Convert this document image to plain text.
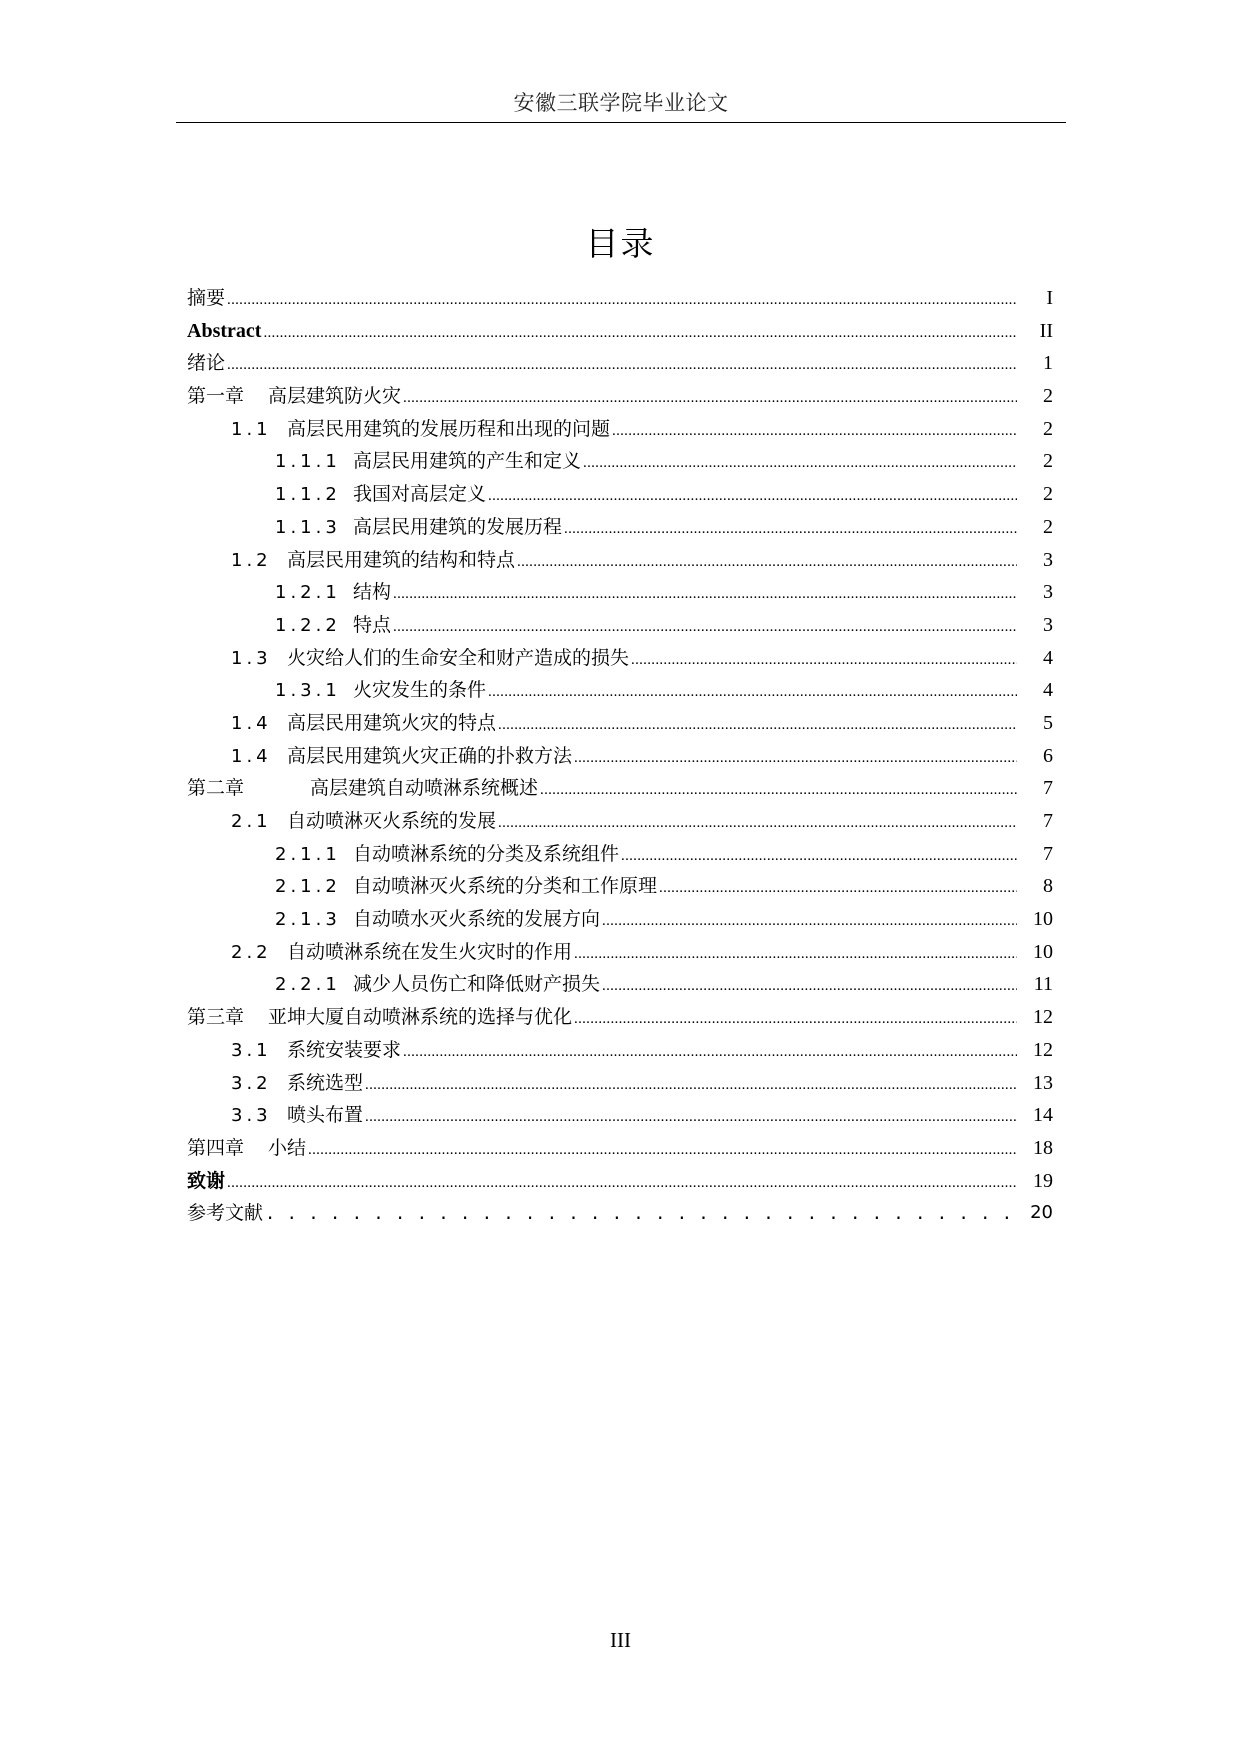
安徽三联学院毕业论文
目录
摘要 .....	I
Abstract .....	II
绪论 .....	1
第一章 高层建筑防火灾 .....	2
1.1 高层民用建筑的发展历程和出现的问题 .....	2
1.1.1 高层民用建筑的产生和定义 .....	2
1.1.2 我国对高层定义 .....	2
1.1.3 高层民用建筑的发展历程 .....	2
1.2 高层民用建筑的结构和特点 .....	3
1.2.1 结构 .....	3
1.2.2 特点 .....	3
1.3 火灾给人们的生命安全和财产造成的损失 .....	4
1.3.1 火灾发生的条件 .....	4
1.4 高层民用建筑火灾的特点 .....	5
1.4 高层民用建筑火灾正确的扑救方法 .....	6
第二章	高层建筑自动喷淋系统概述 .....	7
2.1 自动喷淋灭火系统的发展 .....	7
2.1.1 自动喷淋系统的分类及系统组件 .....	7
2.1.2 自动喷淋灭火系统的分类和工作原理 .....	8
2.1.3 自动喷水灭火系统的发展方向 .....	10
2.2 自动喷淋系统在发生火灾时的作用 .....	10
2.2.1 减少人员伤亡和降低财产损失 .....	11
第三章 亚坤大厦自动喷淋系统的选择与优化 .....	12
3.1 系统安装要求 .....	12
3.2 系统选型 .....	13
3.3 喷头布置 .....	14
第四章 小结 .....	18
致谢 .....	19
参考文献 . . .	20
III
